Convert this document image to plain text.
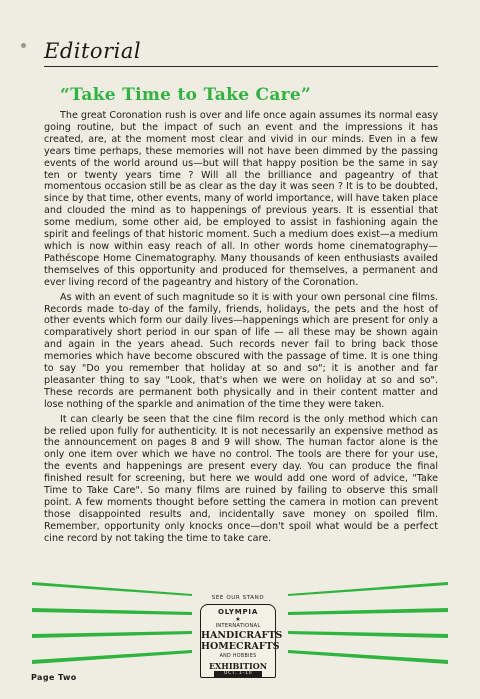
Editorial
“Take Time to Take Care”

The great Coronation rush is over and life once again assumes its normal easy going routine, but the impact of such an event and the impressions it has created, are, at the moment most clear and vivid in our minds. Even in a few years time perhaps, these memories will not have been dimmed by the passing events of the world around us—but will that happy position be the same in say ten or twenty years time ? Will all the brilliance and pageantry of that momentous occasion still be as clear as the day it was seen ? It is to be doubted, since by that time, other events, many of world importance, will have taken place and clouded the mind as to happenings of previous years. It is essential that some medium, some other aid, be employed to assist in fashioning again the spirit and feelings of that historic moment. Such a medium does exist—a medium which is now within easy reach of all. In other words home cinematography—Pathéscope Home Cinematography. Many thousands of keen enthusiasts availed themselves of this opportunity and produced for themselves, a permanent and ever living record of the pageantry and history of the Coronation.

As with an event of such magnitude so it is with your own personal cine films. Records made to-day of the family, friends, holidays, the pets and the host of other events which form our daily lives—happenings which are present for only a comparatively short period in our span of life — all these may be shown again and again in the years ahead. Such records never fail to bring back those memories which have become obscured with the passage of time. It is one thing to say "Do you remember that holiday at so and so"; it is another and far pleasanter thing to say "Look, that's when we were on holiday at so and so". These records are permanent both physically and in their content matter and lose nothing of the sparkle and animation of the time they were taken.

It can clearly be seen that the cine film record is the only method which can be relied upon fully for authenticity. It is not necessarily an expensive method as the announcement on pages 8 and 9 will show. The human factor alone is the only one item over which we have no control. The tools are there for your use, the events and happenings are present every day. You can produce the final finished result for screening, but here we would add one word of advice, "Take Time to Take Care". So many films are ruined by failing to observe this small point. A few moments thought before setting the camera in motion can prevent those disappointed results and, incidentally save money on spoiled film. Remember, opportunity only knocks once—don't spoil what would be a perfect cine record by not taking the time to take care.

SEE OUR STAND
OLYMPIA
★
INTERNATIONAL
HANDICRAFTS
HOMECRAFTS
AND HOBBIES
EXHIBITION
OCT. 1–10
Page Two
